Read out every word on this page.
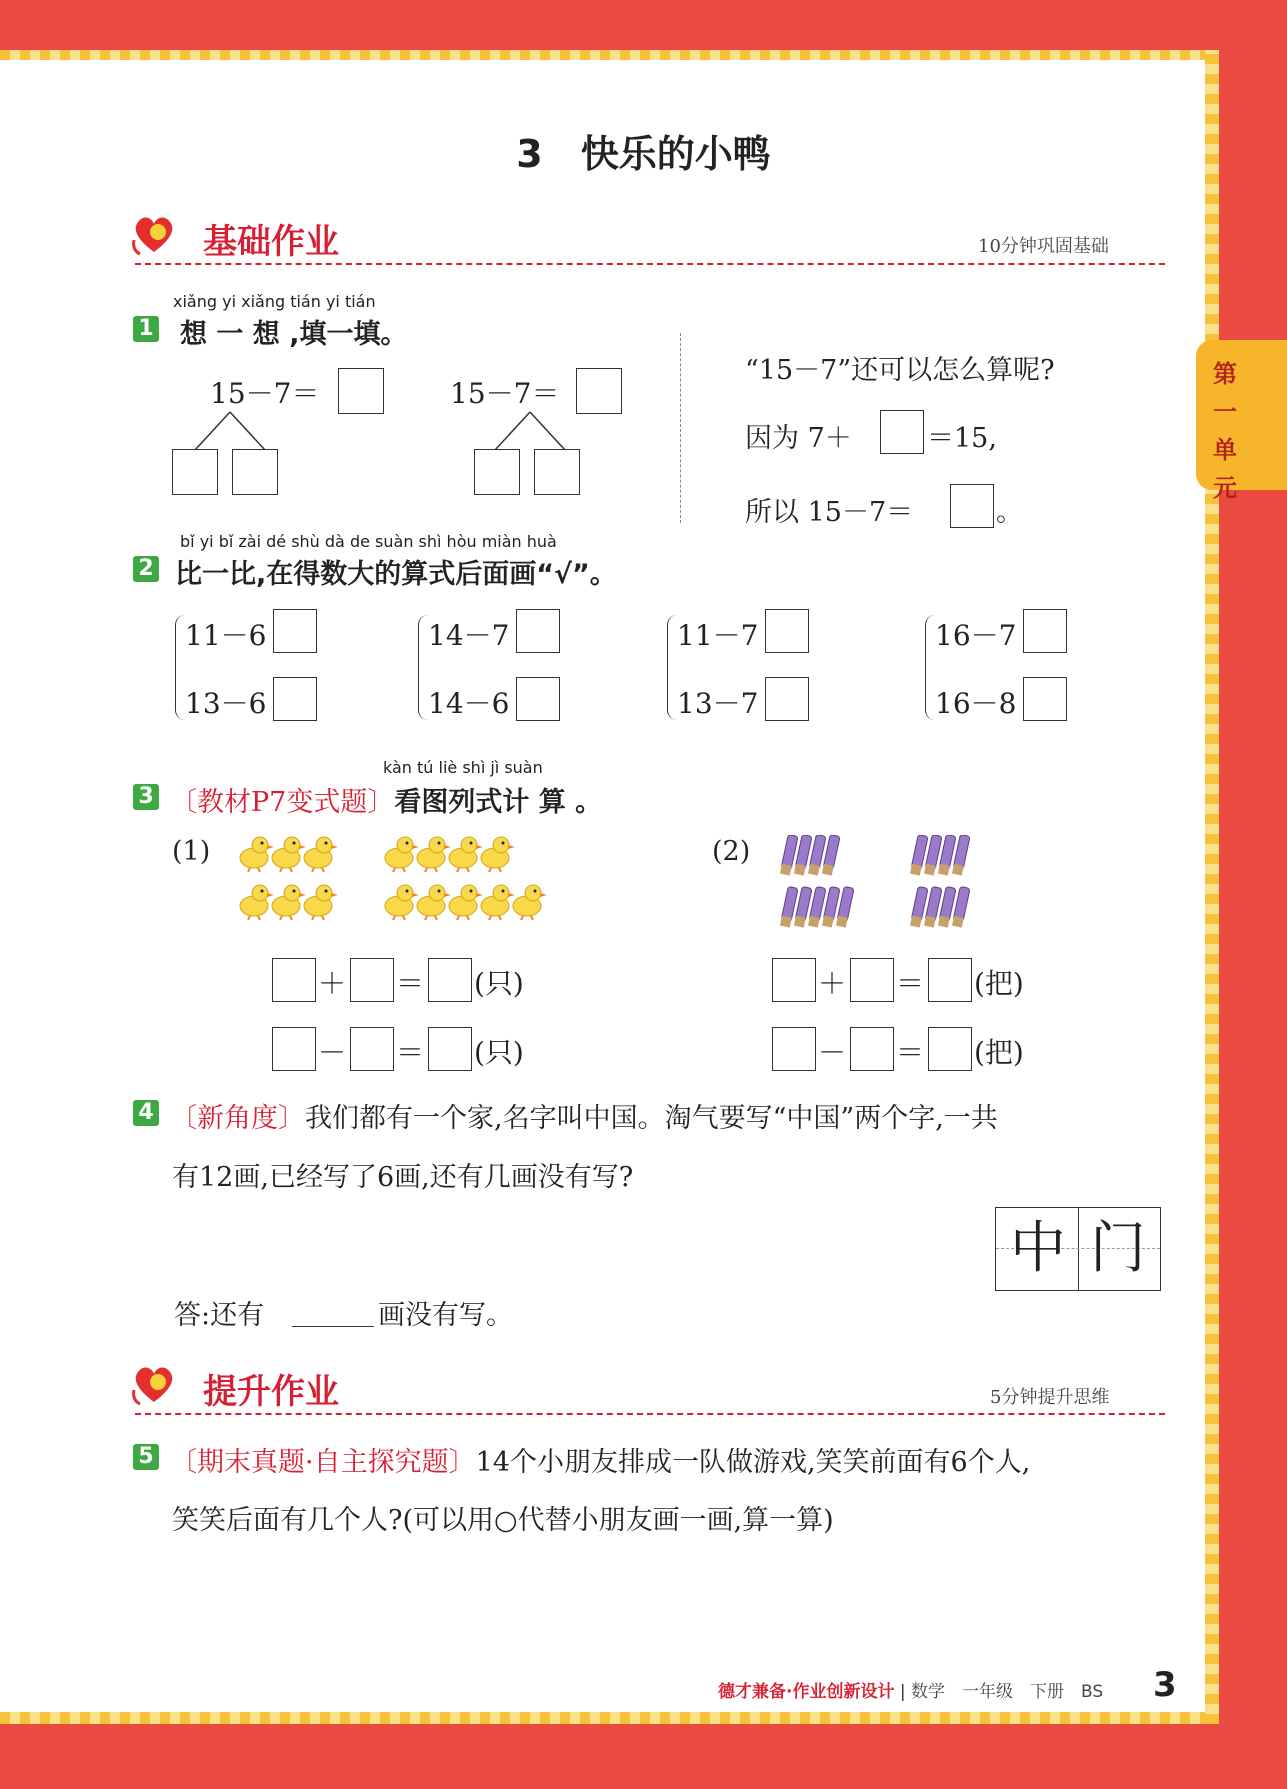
第一单元
3　快乐的小鸭
基础作业	10分钟巩固基础
xiǎng yi xiǎng tián yi tián
1 想 一 想 ,填一填。
15－7＝	15－7＝
“15－7”还可以怎么算呢?
因为 7＋	＝15,
所以 15－7＝	。
bǐ yi bǐ zài dé shù dà de suàn shì hòu miàn huà
2 比一比,在得数大的算式后面画“√”。
11－6
13－6
14－7
14－6
11－7
13－7
16－7
16－8
kàn tú liè shì jì suàn
3 〔教材P7变式题〕看图列式计 算 。
(1)	(2)
＋ ＝ (只)
－ ＝ (只)
＋ ＝ (把)
－ ＝ (把)
4 〔新角度〕我们都有一个家,名字叫中国。淘气要写“中国”两个字,一共
有12画,已经写了6画,还有几画没有写?
中 门
答:还有	画没有写。
提升作业	5分钟提升思维
5 〔期末真题·自主探究题〕14个小朋友排成一队做游戏,笑笑前面有6个人,
笑笑后面有几个人?(可以用○代替小朋友画一画,算一算)
德才兼备·作业创新设计 | 数学　一年级　下册　BS 3
